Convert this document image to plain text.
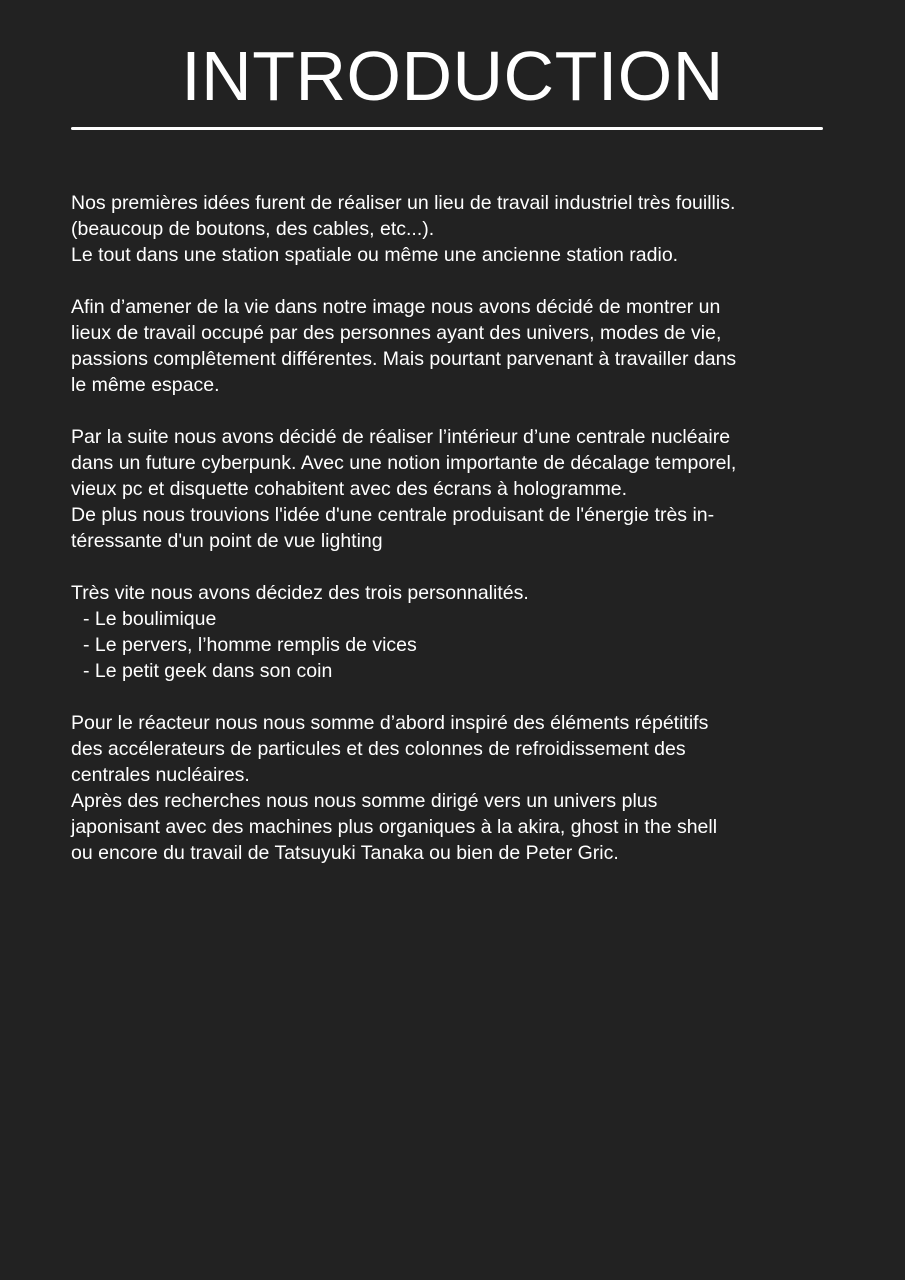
INTRODUCTION
Nos premières idées furent de réaliser un lieu de travail industriel très fouillis.
(beaucoup de boutons, des cables, etc...).
Le tout dans une station spatiale ou même une ancienne station radio.
Afin d’amener de la vie dans notre image nous avons décidé de montrer un
lieux de travail occupé par des personnes ayant des univers, modes de vie,
passions complêtement différentes. Mais pourtant parvenant à travailler dans
le même espace.
Par la suite nous avons décidé de réaliser l’intérieur d’une centrale nucléaire
dans un future cyberpunk. Avec une notion importante de décalage temporel,
vieux pc et disquette cohabitent avec des écrans à hologramme.
De plus nous trouvions l'idée d'une centrale produisant de l'énergie très in-
téressante d'un point de vue lighting
Très vite nous avons décidez des trois personnalités.
- Le boulimique
- Le pervers, l’homme remplis de vices
- Le petit geek dans son coin
Pour le réacteur nous nous somme d’abord inspiré des éléments répétitifs
des accélerateurs de particules et des colonnes de refroidissement des
centrales nucléaires.
Après des recherches nous nous somme dirigé vers un univers plus
japonisant avec des machines plus organiques à la akira, ghost in the shell
ou encore du travail de Tatsuyuki Tanaka ou bien de Peter Gric.
